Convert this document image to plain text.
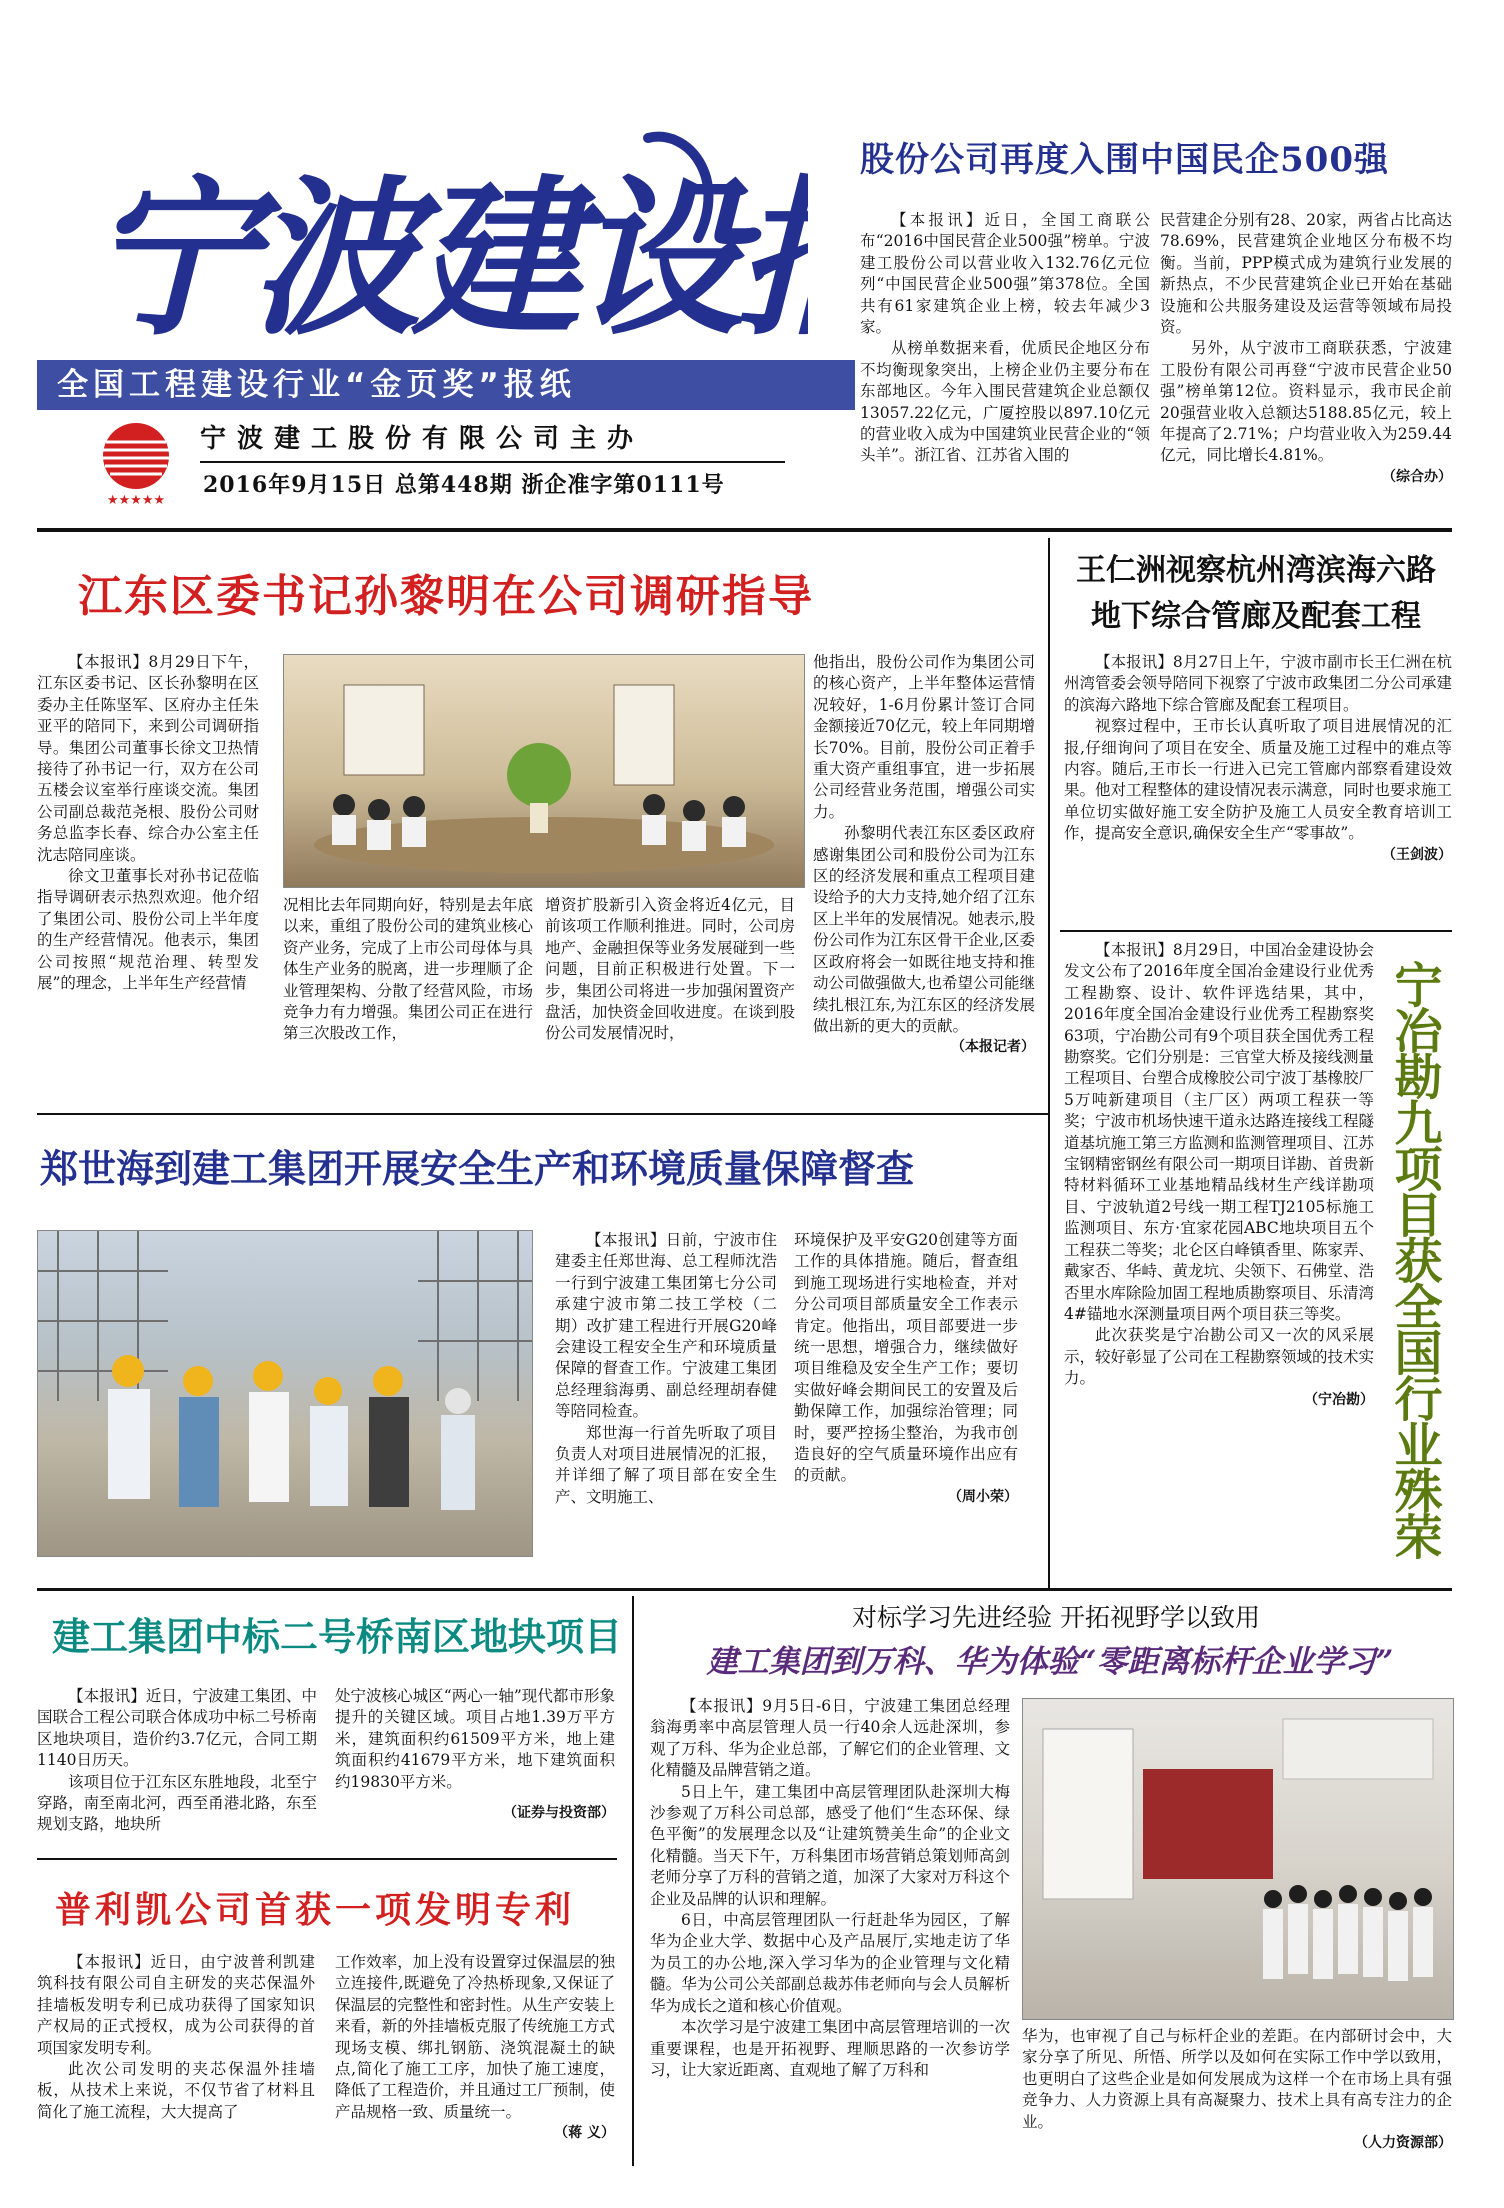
宁波建设
全国工程建设行业“金页奖”报纸
★★★★★
宁波建工股份有限公司主办
2016年9月15日 总第448期 浙企准字第0111号
股份公司再度入围中国民企500强

【本报讯】近日，全国工商联公布“2016中国民营企业500强”榜单。宁波建工股份公司以营业收入132.76亿元位列“中国民营企业500强”第378位。全国共有61家建筑企业上榜，较去年减少3家。

从榜单数据来看，优质民企地区分布不均衡现象突出，上榜企业仍主要分布在东部地区。今年入围民营建筑企业总额仅13057.22亿元，广厦控股以897.10亿元的营业收入成为中国建筑业民营企业的“领头羊”。浙江省、江苏省入围的

民营建企分别有28、20家，两省占比高达78.69%，民营建筑企业地区分布极不均衡。当前，PPP模式成为建筑行业发展的新热点，不少民营建筑企业已开始在基础设施和公共服务建设及运营等领域布局投资。

另外，从宁波市工商联获悉，宁波建工股份有限公司再登“宁波市民营企业50强”榜单第12位。资料显示，我市民企前20强营业收入总额达5188.85亿元，较上年提高了2.71%；户均营业收入为259.44亿元，同比增长4.81%。

（综合办）
江东区委书记孙黎明在公司调研指导

【本报讯】8月29日下午，江东区委书记、区长孙黎明在区委办主任陈坚军、区府办主任朱亚平的陪同下，来到公司调研指导。集团公司董事长徐文卫热情接待了孙书记一行，双方在公司五楼会议室举行座谈交流。集团公司副总裁范尧根、股份公司财务总监李长春、综合办公室主任沈志陪同座谈。

徐文卫董事长对孙书记莅临指导调研表示热烈欢迎。他介绍了集团公司、股份公司上半年度的生产经营情况。他表示，集团公司按照“规范治理、转型发展”的理念，上半年生产经营情

况相比去年同期向好，特别是去年底以来，重组了股份公司的建筑业核心资产业务，完成了上市公司母体与具体生产业务的脱离，进一步理顺了企业管理架构、分散了经营风险，市场竞争力有力增强。集团公司正在进行第三次股改工作，

增资扩股新引入资金将近4亿元，目前该项工作顺利推进。同时，公司房地产、金融担保等业务发展碰到一些问题，目前正积极进行处置。下一步，集团公司将进一步加强闲置资产盘活，加快资金回收进度。在谈到股份公司发展情况时，

他指出，股份公司作为集团公司的核心资产，上半年整体运营情况较好，1-6月份累计签订合同金额接近70亿元，较上年同期增长70%。目前，股份公司正着手重大资产重组事宜，进一步拓展公司经营业务范围，增强公司实力。

孙黎明代表江东区委区政府感谢集团公司和股份公司为江东区的经济发展和重点工程项目建设给予的大力支持,她介绍了江东区上半年的发展情况。她表示,股份公司作为江东区骨干企业,区委区政府将会一如既往地支持和推动公司做强做大,也希望公司能继续扎根江东,为江东区的经济发展做出新的更大的贡献。

（本报记者）
王仁洲视察杭州湾滨海六路
地下综合管廊及配套工程

【本报讯】8月27日上午，宁波市副市长王仁洲在杭州湾管委会领导陪同下视察了宁波市政集团二分公司承建的滨海六路地下综合管廊及配套工程项目。

视察过程中，王市长认真听取了项目进展情况的汇报,仔细询问了项目在安全、质量及施工过程中的难点等内容。随后,王市长一行进入已完工管廊内部察看建设效果。他对工程整体的建设情况表示满意，同时也要求施工单位切实做好施工安全防护及施工人员安全教育培训工作，提高安全意识,确保安全生产“零事故”。

（王剑波）

【本报讯】8月29日，中国冶金建设协会发文公布了2016年度全国冶金建设行业优秀工程勘察、设计、软件评选结果，其中，2016年度全国冶金建设行业优秀工程勘察奖63项，宁冶勘公司有9个项目获全国优秀工程勘察奖。它们分别是：三官堂大桥及接线测量工程项目、台塑合成橡胶公司宁波丁基橡胶厂5万吨新建项目（主厂区）两项工程获一等奖；宁波市机场快速干道永达路连接线工程隧道基坑施工第三方监测和监测管理项目、江苏宝钢精密钢丝有限公司一期项目详勘、首贵新特材料循环工业基地精品线材生产线详勘项目、宁波轨道2号线一期工程TJ2105标施工监测项目、东方·宜家花园ABC地块项目五个工程获二等奖；北仑区白峰镇香里、陈家弄、戴家否、华峙、黄龙坑、尖领下、石佛堂、浩否里水库除险加固工程地质勘察项目、乐清湾4#锚地水深测量项目两个项目获三等奖。

此次获奖是宁冶勘公司又一次的风采展示，较好彰显了公司在工程勘察领域的技术实力。

（宁冶勘） 宁冶勘九项目获全国行业殊荣
郑世海到建工集团开展安全生产和环境质量保障督查

【本报讯】日前，宁波市住建委主任郑世海、总工程师沈浩一行到宁波建工集团第七分公司承建宁波市第二技工学校（二期）改扩建工程进行开展G20峰会建设工程安全生产和环境质量保障的督查工作。宁波建工集团总经理翁海勇、副总经理胡春健等陪同检查。

郑世海一行首先听取了项目负责人对项目进展情况的汇报，并详细了解了项目部在安全生产、文明施工、

环境保护及平安G20创建等方面工作的具体措施。随后，督查组到施工现场进行实地检查，并对分公司项目部质量安全工作表示肯定。他指出，项目部要进一步统一思想，增强合力，继续做好项目维稳及安全生产工作；要切实做好峰会期间民工的安置及后勤保障工作，加强综治管理；同时，要严控扬尘整治，为我市创造良好的空气质量环境作出应有的贡献。

（周小荣）
建工集团中标二号桥南区地块项目

【本报讯】近日，宁波建工集团、中国联合工程公司联合体成功中标二号桥南区地块项目，造价约3.7亿元，合同工期1140日历天。

该项目位于江东区东胜地段，北至宁穿路，南至南北河，西至甬港北路，东至规划支路，地块所

处宁波核心城区“两心一轴”现代都市形象提升的关键区域。项目占地1.39万平方米，建筑面积约61509平方米，地上建筑面积约41679平方米，地下建筑面积约19830平方米。

（证券与投资部）
普利凯公司首获一项发明专利

【本报讯】近日，由宁波普利凯建筑科技有限公司自主研发的夹芯保温外挂墙板发明专利已成功获得了国家知识产权局的正式授权，成为公司获得的首项国家发明专利。

此次公司发明的夹芯保温外挂墙板，从技术上来说，不仅节省了材料且简化了施工流程，大大提高了

工作效率，加上没有设置穿过保温层的独立连接件,既避免了冷热桥现象,又保证了保温层的完整性和密封性。从生产安装上来看，新的外挂墙板克服了传统施工方式现场支模、绑扎钢筋、浇筑混凝土的缺点,简化了施工工序，加快了施工速度，降低了工程造价，并且通过工厂预制，使产品规格一致、质量统一。

（蒋 义）
对标学习先进经验 开拓视野学以致用
建工集团到万科、华为体验“零距离标杆企业学习”

【本报讯】9月5日-6日，宁波建工集团总经理翁海勇率中高层管理人员一行40余人远赴深圳，参观了万科、华为企业总部，了解它们的企业管理、文化精髓及品牌营销之道。

5日上午，建工集团中高层管理团队赴深圳大梅沙参观了万科公司总部，感受了他们“生态环保、绿色平衡”的发展理念以及“让建筑赞美生命”的企业文化精髓。当天下午，万科集团市场营销总策划师高剑老师分享了万科的营销之道，加深了大家对万科这个企业及品牌的认识和理解。

6日，中高层管理团队一行赶赴华为园区，了解华为企业大学、数据中心及产品展厅,实地走访了华为员工的办公地,深入学习华为的企业管理与文化精髓。华为公司公关部副总裁苏伟老师向与会人员解析华为成长之道和核心价值观。

本次学习是宁波建工集团中高层管理培训的一次重要课程，也是开拓视野、理顺思路的一次参访学习，让大家近距离、直观地了解了万科和

华为，也审视了自己与标杆企业的差距。在内部研讨会中，大家分享了所见、所悟、所学以及如何在实际工作中学以致用，也更明白了这些企业是如何发展成为这样一个在市场上具有强竞争力、人力资源上具有高凝聚力、技术上具有高专注力的企业。

（人力资源部）
